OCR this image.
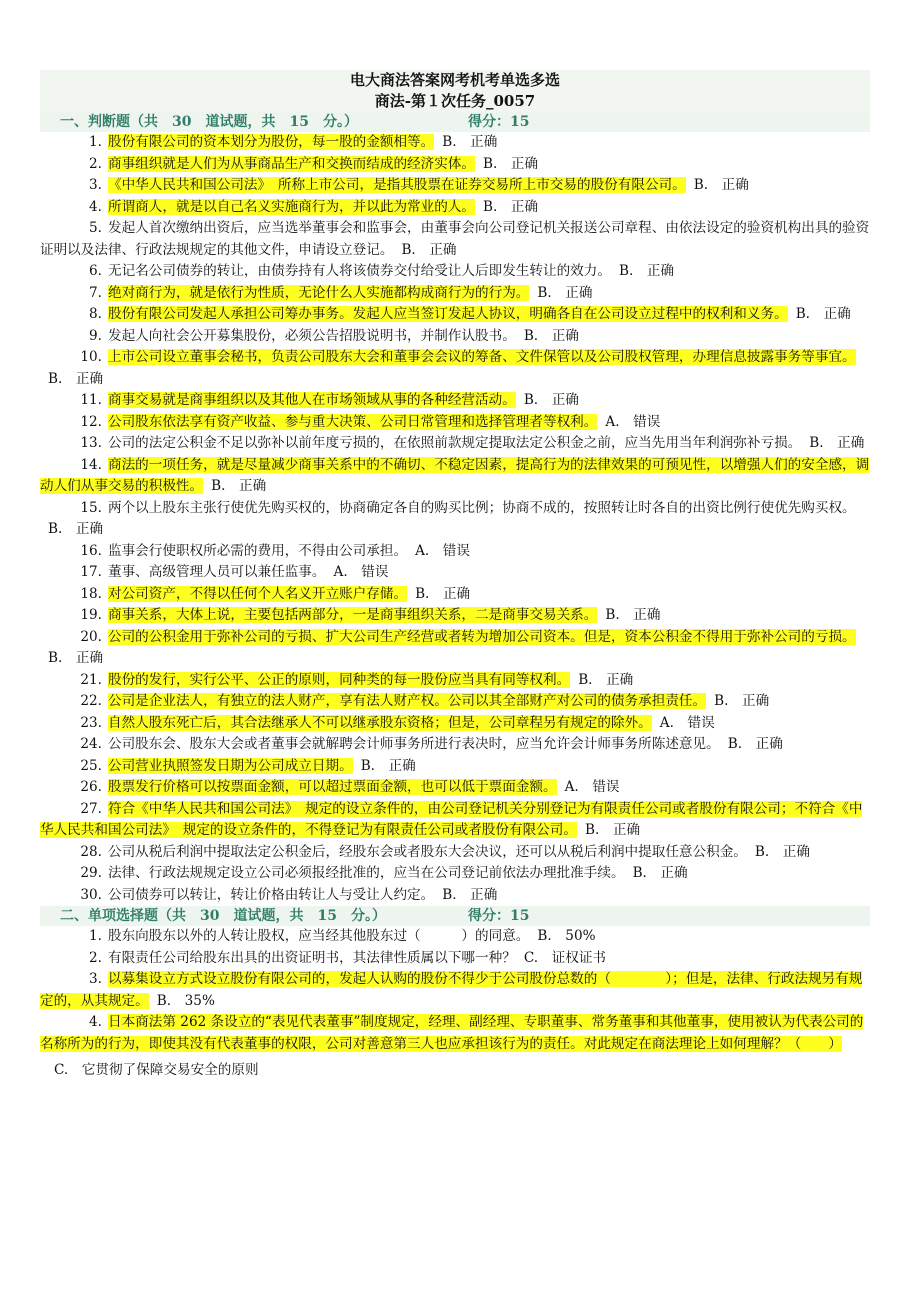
电大商法答案网考机考单选多选
商法-第１次任务_0057
一、判断题（共　30　道试题，共　15　分。）	得分：15
1. 股份有限公司的资本划分为股份，每一股的金额相等。 B.　正确
2. 商事组织就是人们为从事商品生产和交换而结成的经济实体。 B.　正确
3. 《中华人民共和国公司法》　所称上市公司，是指其股票在证券交易所上市交易的股份有限公司。 B.　正确
4. 所谓商人，就是以自己名义实施商行为，并以此为常业的人。 B.　正确
5. 发起人首次缴纳出资后，应当选举董事会和监事会，由董事会向公司登记机关报送公司章程、由依法设定的验资机构出具的验资证明以及法律、行政法规规定的其他文件，申请设立登记。 B.　正确
6. 无记名公司债券的转让，由债券持有人将该债券交付给受让人后即发生转让的效力。 B.　正确
7. 绝对商行为，就是依行为性质，无论什么人实施都构成商行为的行为。 B.　正确
8. 股份有限公司发起人承担公司筹办事务。发起人应当签订发起人协议，明确各自在公司设立过程中的权利和义务。 B.　正确
9. 发起人向社会公开募集股份，必须公告招股说明书，并制作认股书。 B.　正确
10. 上市公司设立董事会秘书，负责公司股东大会和董事会会议的筹备、文件保管以及公司股权管理，办理信息披露事务等事宜。B.　正确
11. 商事交易就是商事组织以及其他人在市场领域从事的各种经营活动。 B.　正确
12. 公司股东依法享有资产收益、参与重大决策、公司日常管理和选择管理者等权利。 A.　错误
13. 公司的法定公积金不足以弥补以前年度亏损的，在依照前款规定提取法定公积金之前，应当先用当年利润弥补亏损。 B.　正确
14. 商法的一项任务，就是尽量减少商事关系中的不确切、不稳定因素，提高行为的法律效果的可预见性，以增强人们的安全感，调动人们从事交易的积极性。 B.　正确
15. 两个以上股东主张行使优先购买权的，协商确定各自的购买比例；协商不成的，按照转让时各自的出资比例行使优先购买权。B.　正确
16. 监事会行使职权所必需的费用，不得由公司承担。 A.　错误
17. 董事、高级管理人员可以兼任监事。 A.　错误
18. 对公司资产，不得以任何个人名义开立账户存储。 B.　正确
19. 商事关系，大体上说，主要包括两部分，一是商事组织关系，二是商事交易关系。 B.　正确
20. 公司的公积金用于弥补公司的亏损、扩大公司生产经营或者转为增加公司资本。但是，资本公积金不得用于弥补公司的亏损。B.　正确
21. 股份的发行，实行公平、公正的原则，同种类的每一股份应当具有同等权利。 B.　正确
22. 公司是企业法人，有独立的法人财产，享有法人财产权。公司以其全部财产对公司的债务承担责任。 B.　正确
23. 自然人股东死亡后，其合法继承人不可以继承股东资格；但是，公司章程另有规定的除外。 A.　错误
24. 公司股东会、股东大会或者董事会就解聘会计师事务所进行表决时，应当允许会计师事务所陈述意见。 B.　正确
25. 公司营业执照签发日期为公司成立日期。 B.　正确
26. 股票发行价格可以按票面金额，可以超过票面金额，也可以低于票面金额。 A.　错误
27. 符合《中华人民共和国公司法》　规定的设立条件的，由公司登记机关分别登记为有限责任公司或者股份有限公司；不符合《中华人民共和国公司法》　规定的设立条件的，不得登记为有限责任公司或者股份有限公司。 B.　正确
28. 公司从税后利润中提取法定公积金后，经股东会或者股东大会决议，还可以从税后利润中提取任意公积金。 B.　正确
29. 法律、行政法规规定设立公司必须报经批准的，应当在公司登记前依法办理批准手续。 B.　正确
30. 公司债券可以转让，转让价格由转让人与受让人约定。 B.　正确
二、单项选择题（共　30　道试题，共　15　分。）	得分：15
1. 股东向股东以外的人转让股权，应当经其他股东过（　　　）的同意。 B.　50%
2. 有限责任公司给股东出具的出资证明书，其法律性质属以下哪一种？ C.　证权证书
3. 以募集设立方式设立股份有限公司的，发起人认购的股份不得少于公司股份总数的（　　　　）；但是，法律、行政法规另有规定的，从其规定。 B.　35%
4. 日本商法第 262 条设立的“表见代表董事”制度规定，经理、副经理、专职董事、常务董事和其他董事，使用被认为代表公司的名称所为的行为，即使其没有代表董事的权限，公司对善意第三人也应承担该行为的责任。对此规定在商法理论上如何理解？（　　）
C.　它贯彻了保障交易安全的原则
